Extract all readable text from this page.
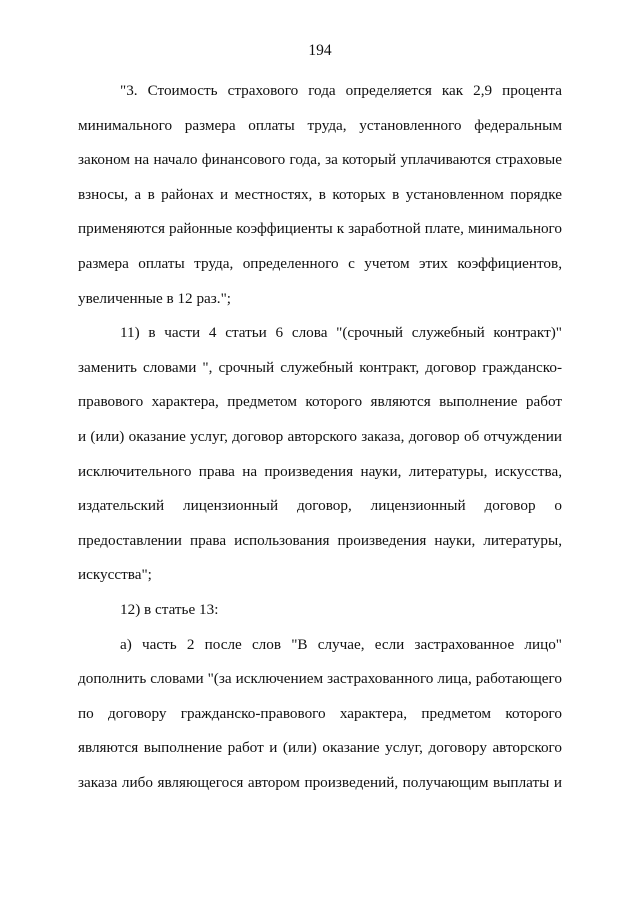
194
"3. Стоимость страхового года определяется как 2,9 процента
минимального размера оплаты труда, установленного федеральным
законом на начало финансового года, за который уплачиваются страховые
взносы, а в районах и местностях, в которых в установленном порядке
применяются районные коэффициенты к заработной плате, минимального
размера оплаты труда, определенного с учетом этих коэффициентов,
увеличенные в 12 раз.";
11) в части 4 статьи 6 слова "(срочный служебный контракт)"
заменить словами ", срочный служебный контракт, договор гражданско-
правового характера, предметом которого являются выполнение работ
и (или) оказание услуг, договор авторского заказа, договор об отчуждении
исключительного права на произведения науки, литературы, искусства,
издательский лицензионный договор, лицензионный договор о
предоставлении права использования произведения науки, литературы,
искусства";
12) в статье 13:
а) часть 2 после слов "В случае, если застрахованное лицо"
дополнить словами "(за исключением застрахованного лица, работающего
по договору гражданско-правового характера, предметом которого
являются выполнение работ и (или) оказание услуг, договору авторского
заказа либо являющегося автором произведений, получающим выплаты и
